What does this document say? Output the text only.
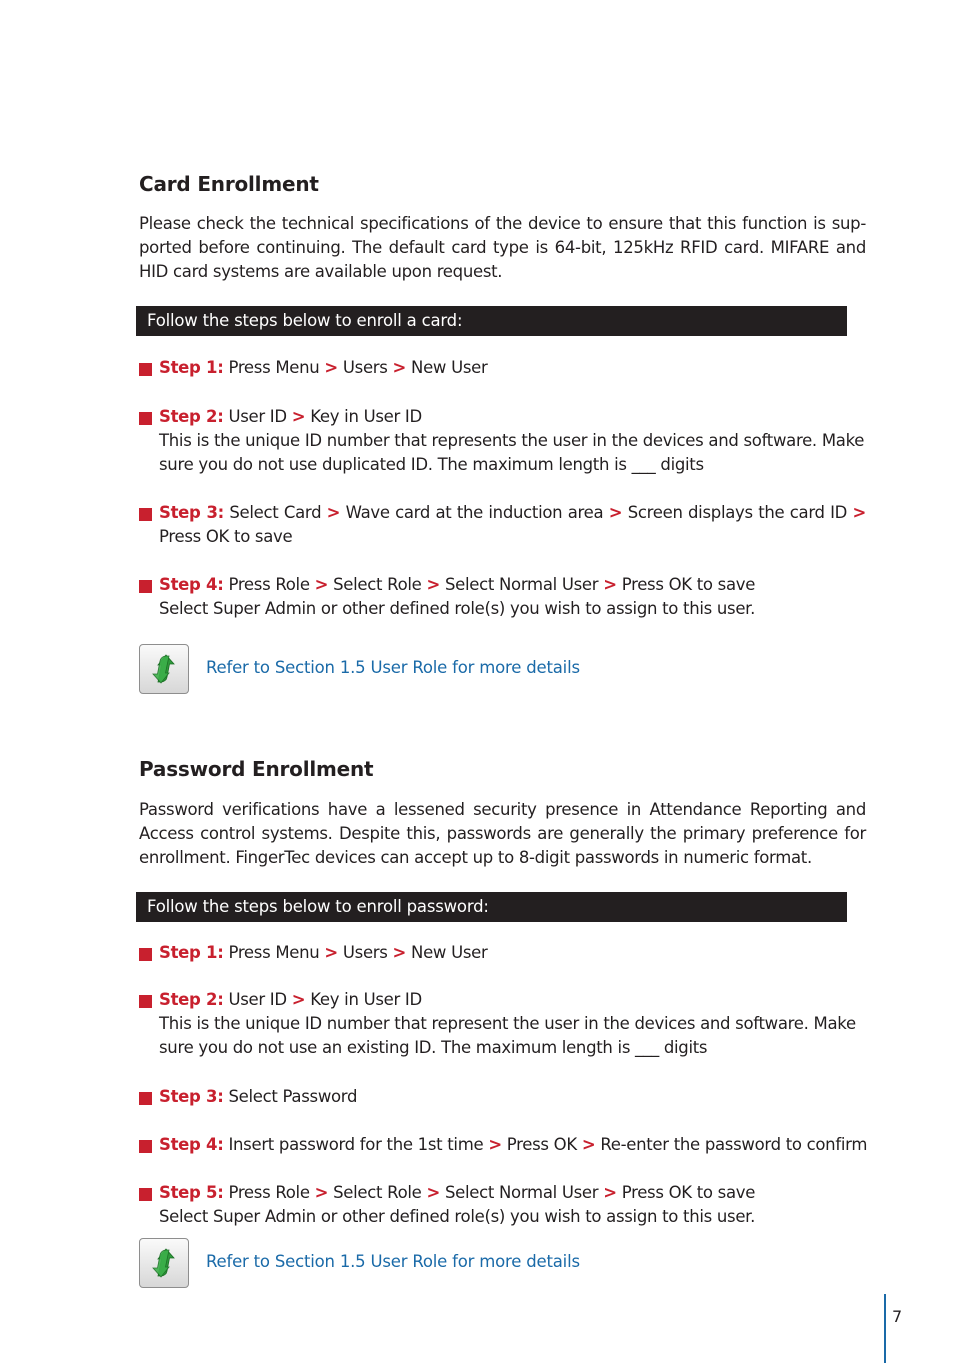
Card Enrollment

Please check the technical specifications of the device to ensure that this function is sup- ported before continuing. The default card type is 64-bit, 125kHz RFID card. MIFARE and HID card systems are available upon request.

Follow the steps below to enroll a card:
Step 1: Press Menu > Users > New User
Step 2: User ID > Key in User ID
This is the unique ID number that represents the user in the devices and software. Make
sure you do not use duplicated ID. The maximum length is ___ digits
Step 3: Select Card > Wave card at the induction area > Screen displays the card ID >
Press OK to save
Step 4: Press Role > Select Role > Select Normal User > Press OK to save
Select Super Admin or other defined role(s) you wish to assign to this user.
Refer to Section 1.5 User Role for more details
Password Enrollment

Password verifications have a lessened security presence in Attendance Reporting and Access control systems. Despite this, passwords are generally the primary preference for enrollment. FingerTec devices can accept up to 8-digit passwords in numeric format.

Follow the steps below to enroll password:
Step 1: Press Menu > Users > New User
Step 2: User ID > Key in User ID
This is the unique ID number that represent the user in the devices and software. Make
sure you do not use an existing ID. The maximum length is ___ digits
Step 3: Select Password
Step 4: Insert password for the 1st time > Press OK > Re-enter the password to confirm
Step 5: Press Role > Select Role > Select Normal User > Press OK to save
Select Super Admin or other defined role(s) you wish to assign to this user.
Refer to Section 1.5 User Role for more details
7
